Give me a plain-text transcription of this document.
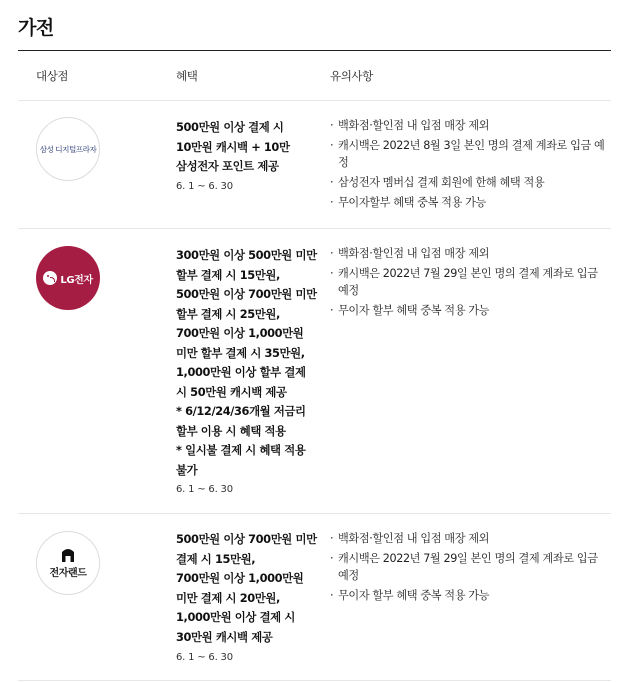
가전
대상점	혜택	유의사항
삼성 디지털프라자
500만원 이상 결제 시
10만원 캐시백 + 10만
삼성전자 포인트 제공
6. 1 ~ 6. 30
· 백화점·할인점 내 입점 매장 제외
· 캐시백은 2022년 8월 3일 본인 명의 결제 계좌로 입금 예정
· 삼성전자 멤버십 결제 회원에 한해 혜택 적용
· 무이자할부 혜택 중복 적용 가능
LG전자
300만원 이상 500만원 미만
할부 결제 시 15만원,
500만원 이상 700만원 미만
할부 결제 시 25만원,
700만원 이상 1,000만원
미만 할부 결제 시 35만원,
1,000만원 이상 할부 결제
시 50만원 캐시백 제공
* 6/12/24/36개월 저금리
할부 이용 시 혜택 적용
* 일시불 결제 시 혜택 적용
불가
6. 1 ~ 6. 30
· 백화점·할인점 내 입점 매장 제외
· 캐시백은 2022년 7월 29일 본인 명의 결제 계좌로 입금 예정
· 무이자 할부 혜택 중복 적용 가능
전자랜드
500만원 이상 700만원 미만
결제 시 15만원,
700만원 이상 1,000만원
미만 결제 시 20만원,
1,000만원 이상 결제 시
30만원 캐시백 제공
6. 1 ~ 6. 30
· 백화점·할인점 내 입점 매장 제외
· 캐시백은 2022년 7월 29일 본인 명의 결제 계좌로 입금 예정
· 무이자 할부 혜택 중복 적용 가능
